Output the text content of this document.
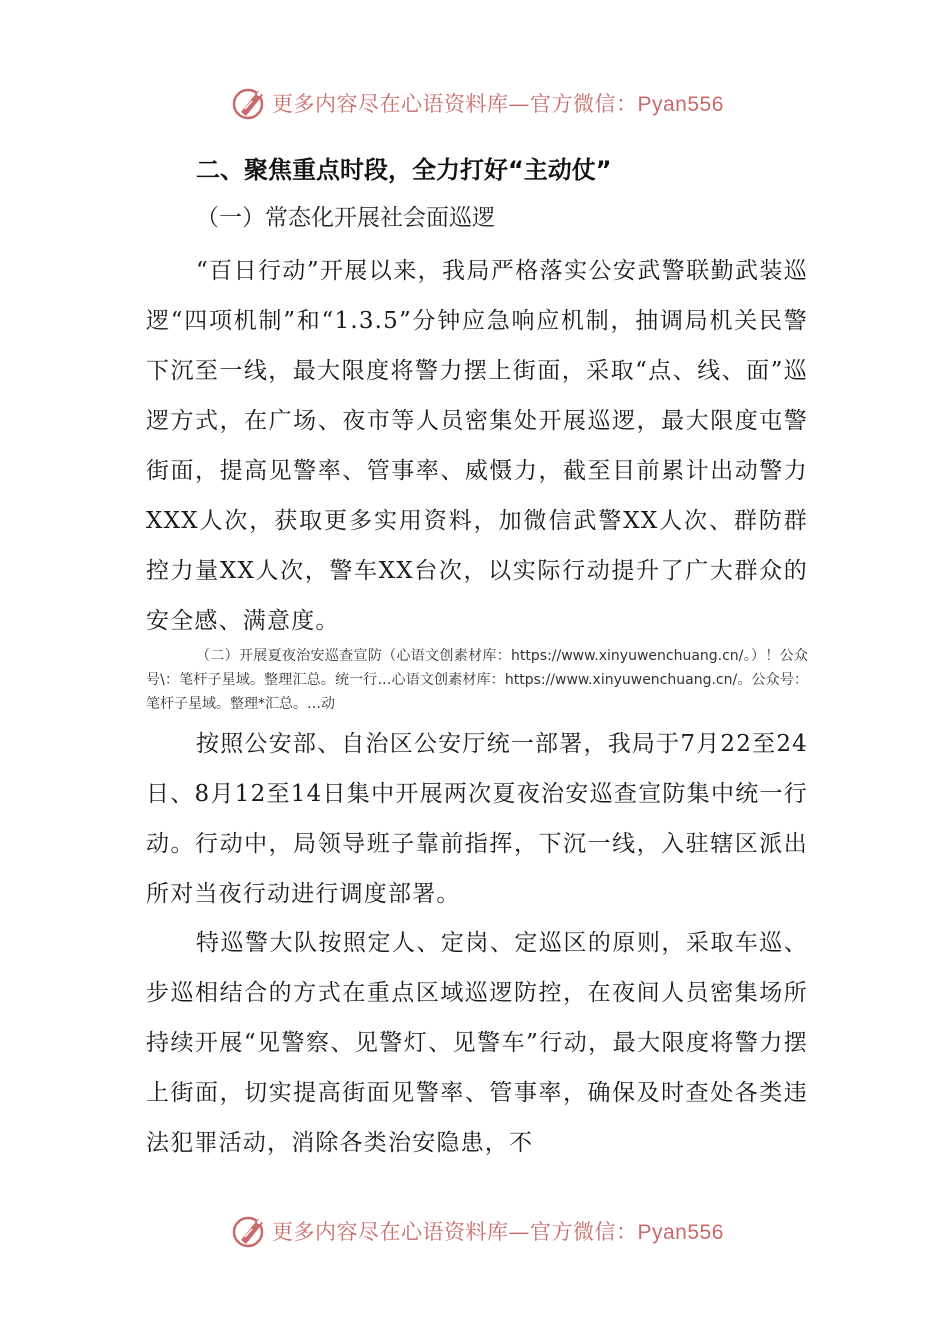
更多内容尽在心语资料库—官方微信：Pyan556
二、聚焦重点时段，全力打好“主动仗”

（一）常态化开展社会面巡逻

“百日行动”开展以来，我局严格落实公安武警联勤武装巡逻“四项机制”和“1.3.5”分钟应急响应机制，抽调局机关民警下沉至一线，最大限度将警力摆上街面，采取“点、线、面”巡逻方式，在广场、夜市等人员密集处开展巡逻，最大限度屯警街面，提高见警率、管事率、威慑力，截至目前累计出动警力XXX人次，获取更多实用资料，加微信武警XX人次、群防群控力量XX人次，警车XX台次，以实际行动提升了广大群众的安全感、满意度。

（二）开展夏夜治安巡查宣防（心语文创素材库：https://www.xinyuwenchuang.cn/。）！公众号\：笔杆子星域。整理汇总。统一行…心语文创素材库：https://www.xinyuwenchuang.cn/。公众号：笔杆子星域。整理*汇总。…动

按照公安部、自治区公安厅统一部署，我局于7月22至24日、8月12至14日集中开展两次夏夜治安巡查宣防集中统一行动。行动中，局领导班子靠前指挥，下沉一线，入驻辖区派出所对当夜行动进行调度部署。

特巡警大队按照定人、定岗、定巡区的原则，采取车巡、步巡相结合的方式在重点区域巡逻防控，在夜间人员密集场所持续开展“见警察、见警灯、见警车”行动，最大限度将警力摆上街面，切实提高街面见警率、管事率，确保及时查处各类违法犯罪活动，消除各类治安隐患，不

更多内容尽在心语资料库—官方微信：Pyan556
